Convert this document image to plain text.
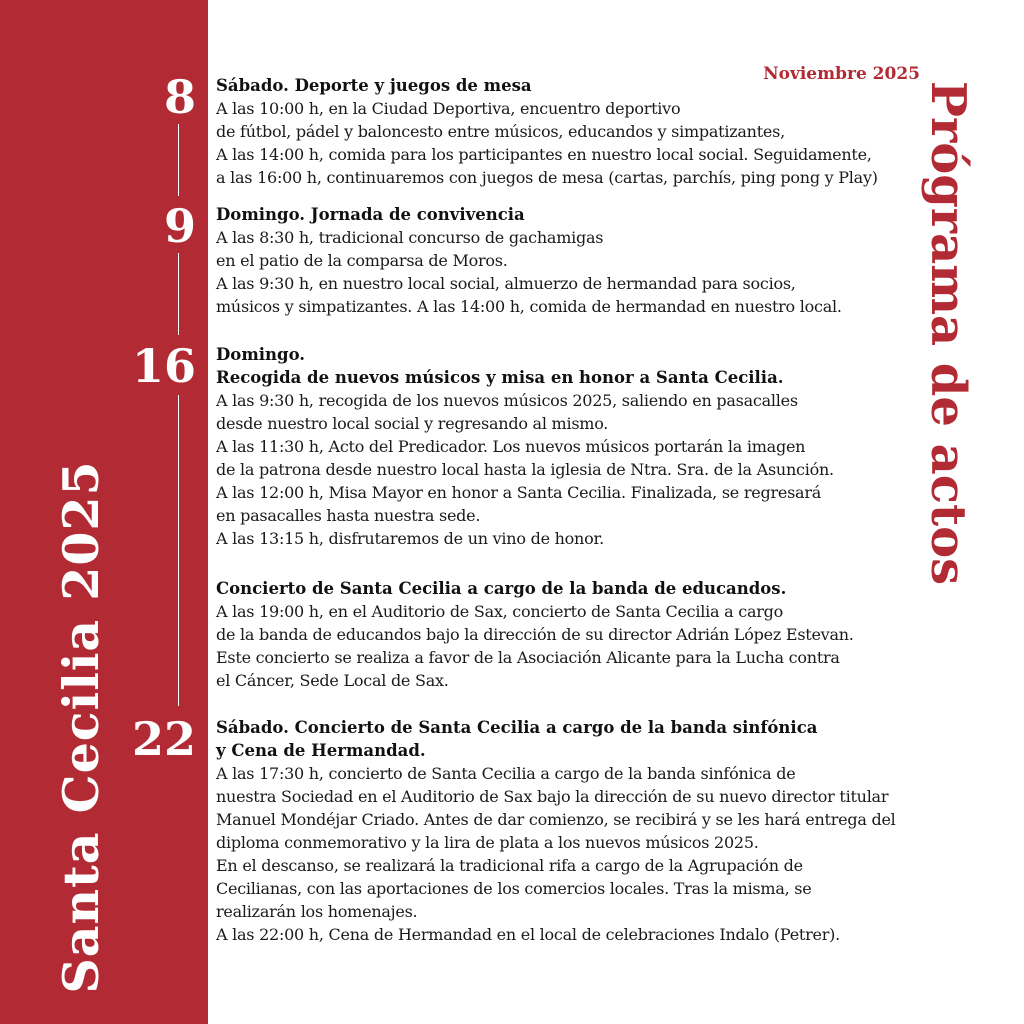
Santa Cecilia 2025
8
9
16
22
Prógrama de actos
Noviembre 2025
Sábado. Deporte y juegos de mesa
A las 10:00 h, en la Ciudad Deportiva, encuentro deportivo
de fútbol, pádel y baloncesto entre músicos, educandos y simpatizantes,
A las 14:00 h, comida para los participantes en nuestro local social. Seguidamente,
a las 16:00 h, continuaremos con juegos de mesa (cartas, parchís, ping pong y Play)
Domingo. Jornada de convivencia
A las 8:30 h, tradicional concurso de gachamigas
en el patio de la comparsa de Moros.
A las 9:30 h, en nuestro local social, almuerzo de hermandad para socios,
músicos y simpatizantes. A las 14:00 h, comida de hermandad en nuestro local.
Domingo.
Recogida de nuevos músicos y misa en honor a Santa Cecilia.
A las 9:30 h, recogida de los nuevos músicos 2025, saliendo en pasacalles
desde nuestro local social y regresando al mismo.
A las 11:30 h, Acto del Predicador. Los nuevos músicos portarán la imagen
de la patrona desde nuestro local hasta la iglesia de Ntra. Sra. de la Asunción.
A las 12:00 h, Misa Mayor en honor a Santa Cecilia. Finalizada, se regresará
en pasacalles hasta nuestra sede.
A las 13:15 h, disfrutaremos de un vino de honor.
Concierto de Santa Cecilia a cargo de la banda de educandos.
A las 19:00 h, en el Auditorio de Sax, concierto de Santa Cecilia a cargo
de la banda de educandos bajo la dirección de su director Adrián López Estevan.
Este concierto se realiza a favor de la Asociación Alicante para la Lucha contra
el Cáncer, Sede Local de Sax.
Sábado. Concierto de Santa Cecilia a cargo de la banda sinfónica
y Cena de Hermandad.
A las 17:30 h, concierto de Santa Cecilia a cargo de la banda sinfónica de
nuestra Sociedad en el Auditorio de Sax bajo la dirección de su nuevo director titular
Manuel Mondéjar Criado. Antes de dar comienzo, se recibirá y se les hará entrega del
diploma conmemorativo y la lira de plata a los nuevos músicos 2025.
En el descanso, se realizará la tradicional rifa a cargo de la Agrupación de
Cecilianas, con las aportaciones de los comercios locales. Tras la misma, se
realizarán los homenajes.
A las 22:00 h, Cena de Hermandad en el local de celebraciones Indalo (Petrer).
